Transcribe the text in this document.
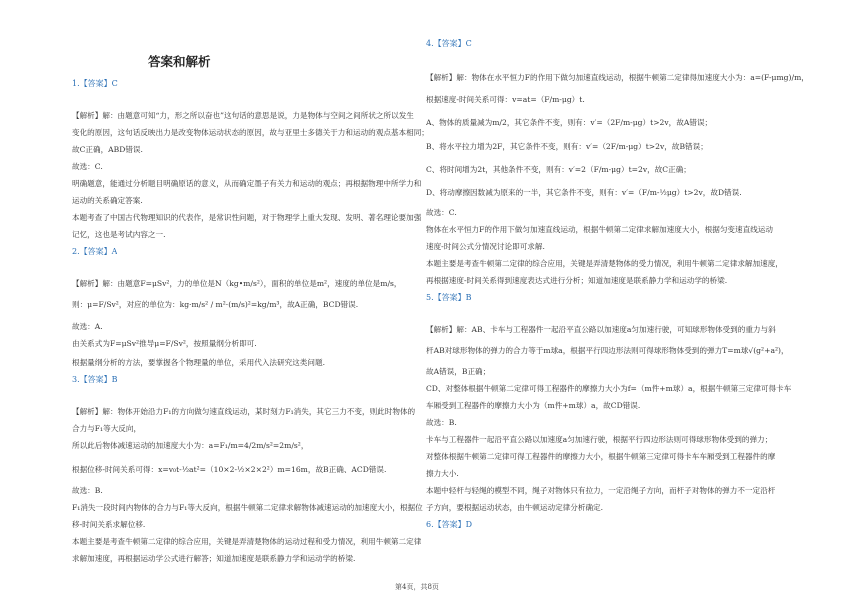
答案和解析
1.【答案】C
【解析】解：由题意可知“力，形之所以奋也”这句话的意思是说，力是物体与空间之间所状之所以发生
变化的原因，这句话反映出力是改变物体运动状态的原因，故与亚里士多德关于力和运动的观点基本相同；
故C正确，ABD错误.
故选：C.
明确题意，能通过分析题目明确原话的意义，从而确定墨子有关力和运动的观点；再根据物理中所学力和
运动的关系确定答案.
本题考查了中国古代物理知识的代表作，是常识性问题，对于物理学上重大发现、发明、著名理论要加强
记忆，这也是考试内容之一.
2.【答案】A
【解析】解：由题意F=μSv²，力的单位是N（kg•m/s²），面积的单位是m²，速度的单位是m/s，
则：μ=F/Sv²，对应的单位为：kg·m/s² / m²·(m/s)²=kg/m³，故A正确，BCD错误.
故选：A.
由关系式为F=μSv²推导μ=F/Sv²，按照量纲分析即可.
根据量纲分析的方法，要掌握各个物理量的单位，采用代入法研究这类问题.
3.【答案】B
【解析】解：物体开始沿力F₁的方向做匀速直线运动，某时刻力F₁消失，其它三力不变，则此时物体的
合力与F₁等大反向，
所以此后物体减速运动的加速度大小为：a=F₁/m=4/2m/s²=2m/s²，
根据位移-时间关系可得：x=v₀t-½at²=（10×2-½×2×2²）m=16m，故B正确、ACD错误.
故选：B.
F₁消失一段时间内物体的合力与F₁等大反向，根据牛顿第二定律求解物体减速运动的加速度大小，根据位
移-时间关系求解位移.
本题主要是考查牛顿第二定律的综合应用，关键是弄清楚物体的运动过程和受力情况，利用牛顿第二定律
求解加速度，再根据运动学公式进行解答；知道加速度是联系静力学和运动学的桥梁.
4.【答案】C
【解析】解：物体在水平恒力F的作用下做匀加速直线运动，根据牛顿第二定律得加速度大小为：a=(F-μmg)/m，
根据速度-时间关系可得：v=at=（F/m-μg）t.
A、物体的质量减为m/2，其它条件不变，则有：v′=（2F/m-μg）t>2v，故A错误；
B、将水平拉力增为2F，其它条件不变，则有：v′=（2F/m-μg）t>2v，故B错误；
C、将时间增为2t，其他条件不变，则有：v′=2（F/m-μg）t=2v，故C正确；
D、将动摩擦因数减为原来的一半，其它条件不变，则有：v′=（F/m-½μg）t>2v，故D错误.
故选：C.
物体在水平恒力F的作用下做匀加速直线运动，根据牛顿第二定律求解加速度大小，根据匀变速直线运动
速度-时间公式分情况讨论即可求解.
本题主要是考查牛顿第二定律的综合应用，关键是弄清楚物体的受力情况，利用牛顿第二定律求解加速度，
再根据速度-时间关系得到速度表达式进行分析；知道加速度是联系静力学和运动学的桥梁.
5.【答案】B
【解析】解：AB、卡车与工程器件一起沿平直公路以加速度a匀加速行驶，可知球形物体受到的重力与斜
杆AB对球形物体的弹力的合力等于m球a，根据平行四边形法则可得球形物体受到的弹力T=m球√(g²+a²)，
故A错误，B正确；
CD、对整体根据牛顿第二定律可得工程器件的摩擦力大小为f=（m件+m球）a，根据牛顿第三定律可得卡车
车厢受到工程器件的摩擦力大小为（m件+m球）a，故CD错误.
故选：B.
卡车与工程器件一起沿平直公路以加速度a匀加速行驶，根据平行四边形法则可得球形物体受到的弹力；
对整体根据牛顿第二定律可得工程器件的摩擦力大小，根据牛顿第三定律可得卡车车厢受到工程器件的摩
擦力大小.
本题中轻杆与轻绳的模型不同，绳子对物体只有拉力，一定沿绳子方向，而杆子对物体的弹力不一定沿杆
子方向，要根据运动状态，由牛顿运动定律分析确定.
6.【答案】D
第4页，共8页
